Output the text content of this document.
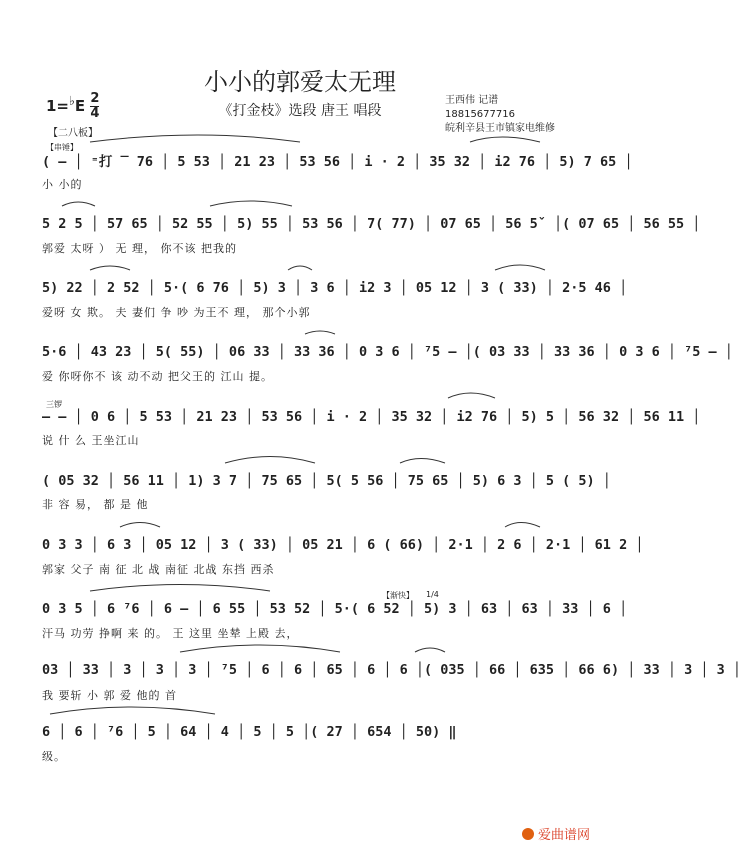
小小的郭爱太无理
$1=^♭E \frac{2}{4}$	《打金枝》选段 唐王 唱段
王西伟 记谱
18815677716
皖利辛县王市镇家电维修
【二八板】
【串锤】
三锣
【渐快】 1/4
( – │ ⁼打 ‾ 76 │ 5 53 │ 21 23 │ 53 56 │ i · 2 │ 35 32 │ i2 76 │ 5) 7 65 │
小 小的
5 2 5 │ 57 65 │ 52 55 │ 5) 55 │ 53 56 │ 7( 77) │ 07 65 │ 56 5ˇ │( 07 65 │ 56 55 │
郭爱 太呀 ） 无 理， 你不该 把我的
5) 22 │ 2 52 │ 5·( 6 76 │ 5) 3 │ 3 6 │ i2 3 │ 05 12 │ 3 ( 33) │ 2·5 46 │
爱呀 女 欺。 夫 妻们 争 吵 为王不 理， 那个小郭
5·6 │ 43 23 │ 5( 55) │ 06 33 │ 33 36 │ 0 3 6 │ ⁷5 – │( 03 33 │ 33 36 │ 0 3 6 │ ⁷5 – │
爱 你呀你不 该 动不动 把父王的 江山 提。
– – │ 0 6 │ 5 53 │ 21 23 │ 53 56 │ i · 2 │ 35 32 │ i2 76 │ 5) 5 │ 56 32 │ 56 11 │
说 什 么 王坐江山
( 05 32 │ 56 11 │ 1) 3 7 │ 75 65 │ 5( 5 56 │ 75 65 │ 5) 6 3 │ 5 ( 5) │
非 容 易， 都 是 他
0 3 3 │ 6 3 │ 05 12 │ 3 ( 33) │ 05 21 │ 6 ( 66) │ 2·1 │ 2 6 │ 2·1 │ 61 2 │
郭家 父子 南 征 北 战 南征 北战 东挡 西杀
0 3 5 │ 6 ⁷6 │ 6 – │ 6 55 │ 53 52 │ 5·( 6 52 │ 5) 3 │ 63 │ 63 │ 33 │ 6 │
汗马 功劳 挣啊 来 的。 王 这里 坐辇 上殿 去，
03 │ 33 │ 3 │ 3 │ 3 │ ⁷5 │ 6 │ 6 │ 65 │ 6 │ 6 │( 035 │ 66 │ 635 │ 66 6) │ 33 │ 3 │ 3 │
我 要斩 小 郭 爱 他的 首
6 │ 6 │ ⁷6 │ 5 │ 64 │ 4 │ 5 │ 5 │( 27 │ 654 │ 50) ‖
级。
爱曲谱网
